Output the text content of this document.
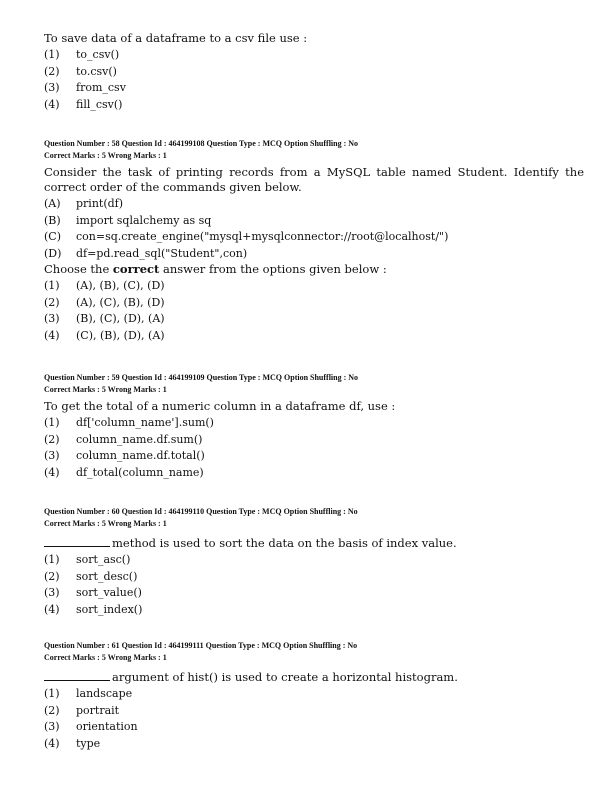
To save data of a dataframe to a csv file use :

(1)	to_csv()
(2)	to.csv()
(3)	from_csv
(4)	fill_csv()

Question Number : 58 Question Id : 464199108 Question Type : MCQ Option Shuffling : No

Correct Marks : 5 Wrong Marks : 1

Consider the task of printing records from a MySQL table named Student. Identify the correct order of the commands given below.

(A)	print(df)
(B)	import sqlalchemy as sq
(C)	con=sq.create_engine("mysql+mysqlconnector://root@localhost/")
(D)	df=pd.read_sql("Student",con)

Choose the correct answer from the options given below :

(1)	(A), (B), (C), (D)
(2)	(A), (C), (B), (D)
(3)	(B), (C), (D), (A)
(4)	(C), (B), (D), (A)

Question Number : 59 Question Id : 464199109 Question Type : MCQ Option Shuffling : No

Correct Marks : 5 Wrong Marks : 1

To get the total of a numeric column in a dataframe df, use :

(1)	df['column_name'].sum()
(2)	column_name.df.sum()
(3)	column_name.df.total()
(4)	df_total(column_name)

Question Number : 60 Question Id : 464199110 Question Type : MCQ Option Shuffling : No

Correct Marks : 5 Wrong Marks : 1

method is used to sort the data on the basis of index value.

(1)	sort_asc()
(2)	sort_desc()
(3)	sort_value()
(4)	sort_index()

Question Number : 61 Question Id : 464199111 Question Type : MCQ Option Shuffling : No

Correct Marks : 5 Wrong Marks : 1

argument of hist() is used to create a horizontal histogram.

(1)	landscape
(2)	portrait
(3)	orientation
(4)	type
